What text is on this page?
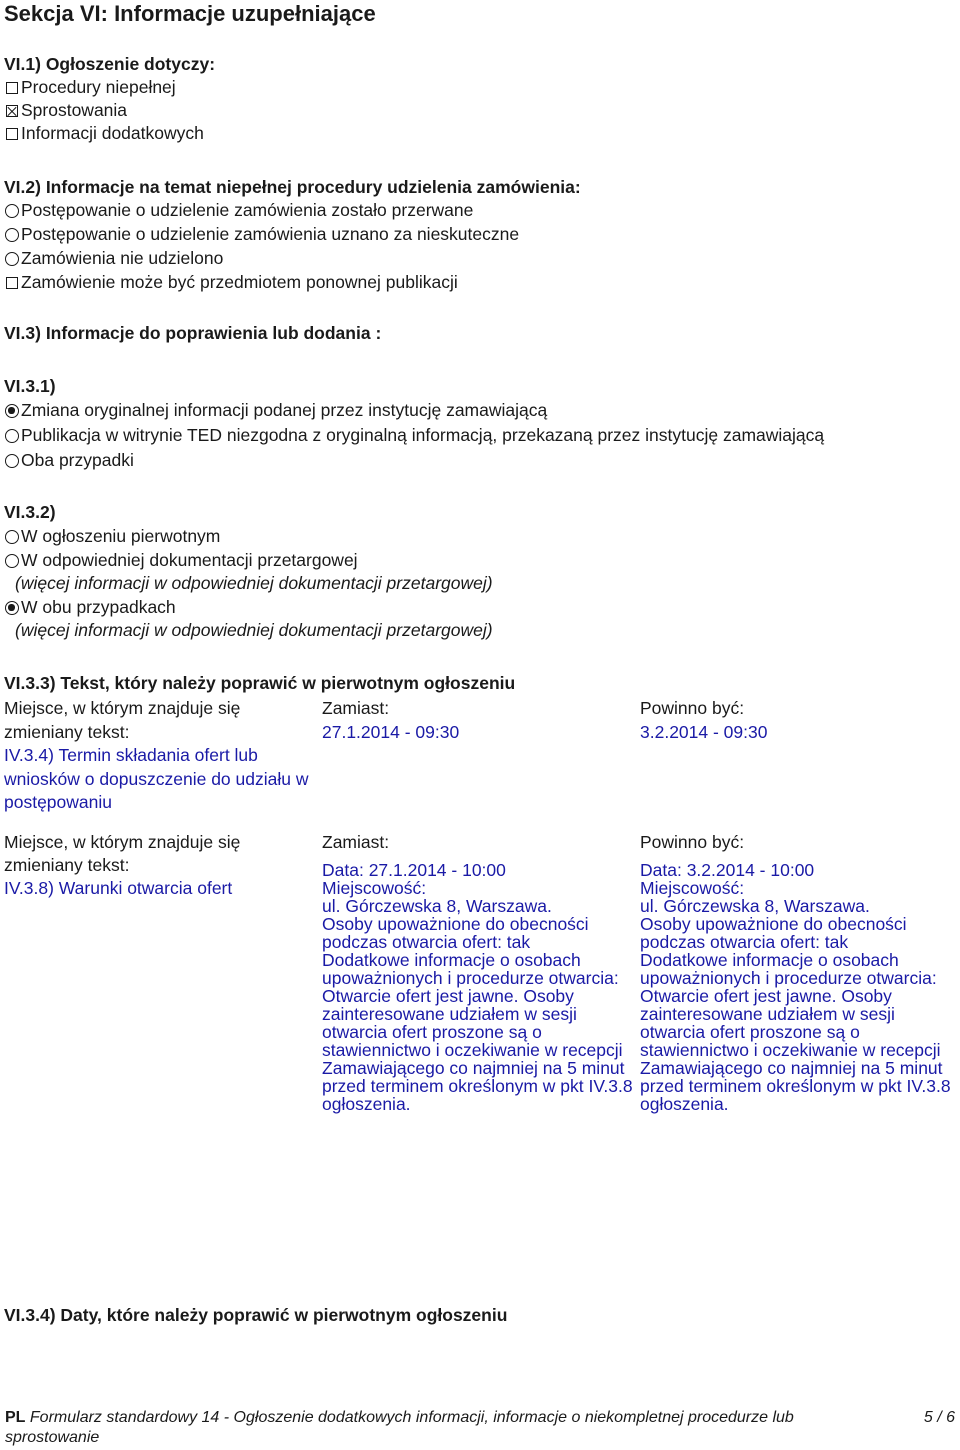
Sekcja VI: Informacje uzupełniające
VI.1) Ogłoszenie dotyczy:
Procedury niepełnej
Sprostowania
Informacji dodatkowych
VI.2) Informacje na temat niepełnej procedury udzielenia zamówienia:
Postępowanie o udzielenie zamówienia zostało przerwane
Postępowanie o udzielenie zamówienia uznano za nieskuteczne
Zamówienia nie udzielono
Zamówienie może być przedmiotem ponownej publikacji
VI.3) Informacje do poprawienia lub dodania :
VI.3.1)
Zmiana oryginalnej informacji podanej przez instytucję zamawiającą
Publikacja w witrynie TED niezgodna z oryginalną informacją, przekazaną przez instytucję zamawiającą
Oba przypadki
VI.3.2)
W ogłoszeniu pierwotnym
W odpowiedniej dokumentacji przetargowej
(więcej informacji w odpowiedniej dokumentacji przetargowej)
W obu przypadkach
(więcej informacji w odpowiedniej dokumentacji przetargowej)
VI.3.3) Tekst, który należy poprawić w pierwotnym ogłoszeniu
Miejsce, w którym znajduje się zmieniany tekst:
IV.3.4) Termin składania ofert lub wniosków o dopuszczenie do udziału w postępowaniu
Zamiast:
27.1.2014 - 09:30
Powinno być:
3.2.2014 - 09:30
Miejsce, w którym znajduje się zmieniany tekst:
IV.3.8) Warunki otwarcia ofert
Zamiast:
Data: 27.1.2014 - 10:00
Miejscowość:
ul. Górczewska 8, Warszawa.
Osoby upoważnione do obecności podczas otwarcia ofert: tak
Dodatkowe informacje o osobach upoważnionych i procedurze otwarcia: Otwarcie ofert jest jawne. Osoby
zainteresowane udziałem w sesji otwarcia ofert proszone są o stawiennictwo i oczekiwanie w recepcji
Zamawiającego co najmniej na 5 minut przed terminem określonym w pkt IV.3.8 ogłoszenia.
Powinno być:
Data: 3.2.2014 - 10:00
Miejscowość:
ul. Górczewska 8, Warszawa.
Osoby upoważnione do obecności podczas otwarcia ofert: tak
Dodatkowe informacje o osobach upoważnionych i procedurze otwarcia: Otwarcie ofert jest jawne. Osoby
zainteresowane udziałem w sesji otwarcia ofert proszone są o stawiennictwo i oczekiwanie w recepcji
Zamawiającego co najmniej na 5 minut przed terminem określonym w pkt IV.3.8 ogłoszenia.
VI.3.4) Daty, które należy poprawić w pierwotnym ogłoszeniu
PL Formularz standardowy 14 - Ogłoszenie dodatkowych informacji, informacje o niekompletnej procedurze lub sprostowanie
5 / 6
